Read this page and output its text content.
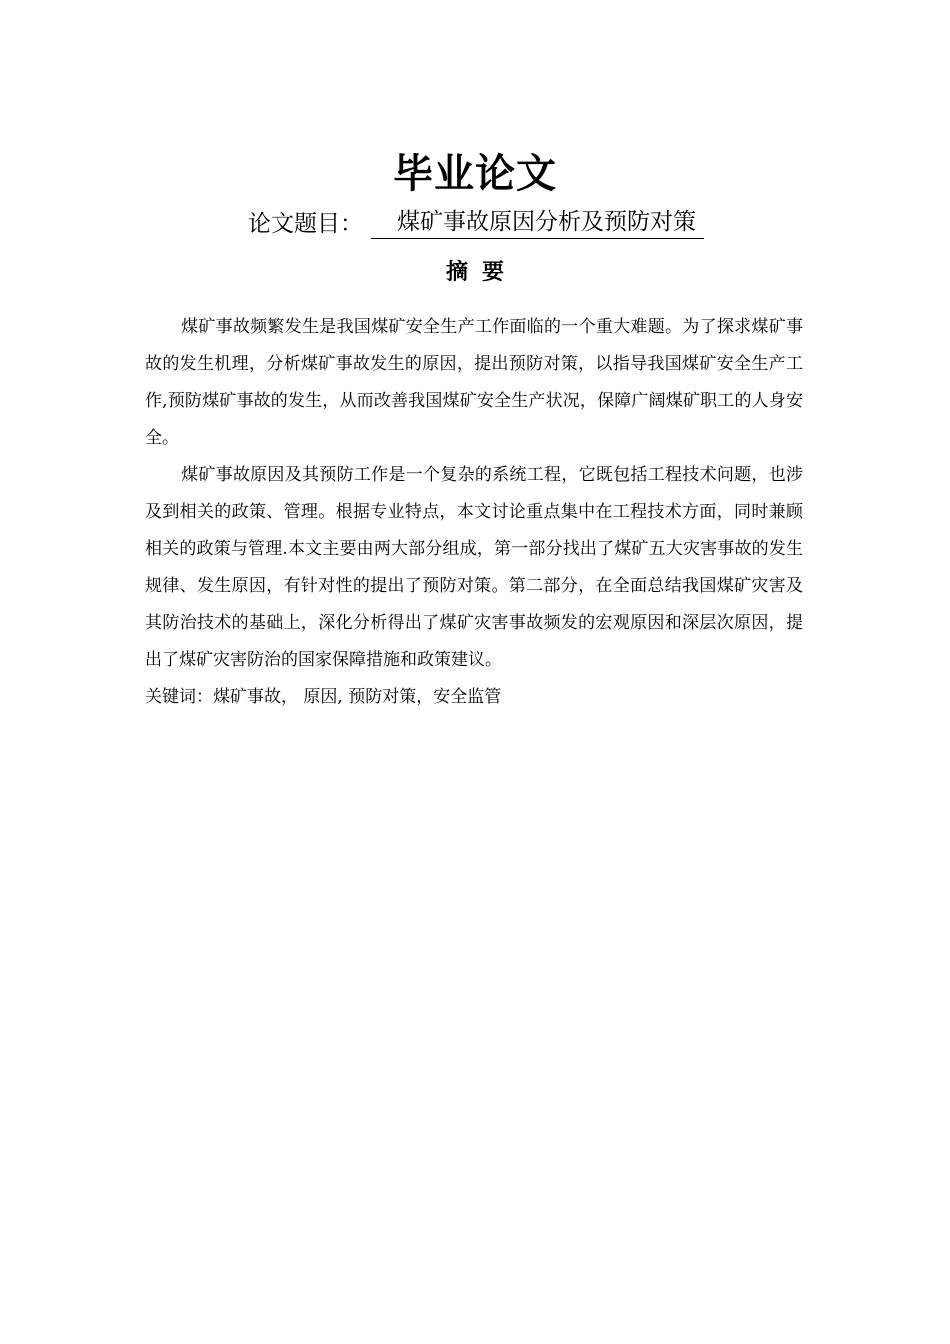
毕业论文
论文题目： 煤矿事故原因分析及预防对策
摘要

煤矿事故频繁发生是我国煤矿安全生产工作面临的一个重大难题。为了探求煤矿事故的发生机理，分析煤矿事故发生的原因，提出预防对策，以指导我国煤矿安全生产工作,预防煤矿事故的发生，从而改善我国煤矿安全生产状况，保障广阔煤矿职工的人身安全。

煤矿事故原因及其预防工作是一个复杂的系统工程，它既包括工程技术问题，也涉及到相关的政策、管理。根据专业特点，本文讨论重点集中在工程技术方面，同时兼顾相关的政策与管理.本文主要由两大部分组成，第一部分找出了煤矿五大灾害事故的发生规律、发生原因，有针对性的提出了预防对策。第二部分，在全面总结我国煤矿灾害及其防治技术的基础上，深化分析得出了煤矿灾害事故频发的宏观原因和深层次原因，提出了煤矿灾害防治的国家保障措施和政策建议。

关键词：煤矿事故， 原因, 预防对策，安全监管
